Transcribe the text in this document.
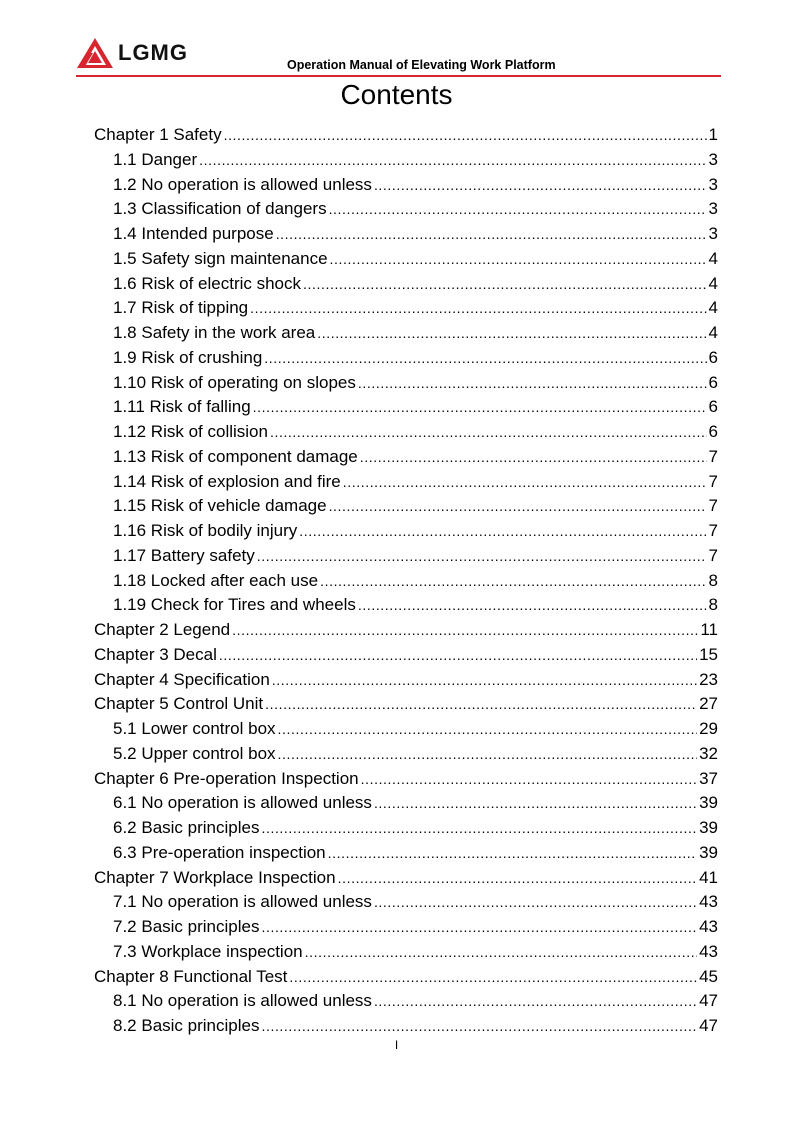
LGMG	Operation Manual of Elevating Work Platform
Contents
Chapter 1 Safety .....	1
1.1 Danger .....	3
1.2 No operation is allowed unless .....	3
1.3 Classification of dangers .....	3
1.4 Intended purpose .....	3
1.5 Safety sign maintenance .....	4
1.6 Risk of electric shock .....	4
1.7 Risk of tipping .....	4
1.8 Safety in the work area .....	4
1.9 Risk of crushing .....	6
1.10 Risk of operating on slopes .....	6
1.11 Risk of falling .....	6
1.12 Risk of collision .....	6
1.13 Risk of component damage .....	7
1.14 Risk of explosion and fire .....	7
1.15 Risk of vehicle damage .....	7
1.16 Risk of bodily injury .....	7
1.17 Battery safety .....	7
1.18 Locked after each use .....	8
1.19 Check for Tires and wheels .....	8
Chapter 2 Legend .....	11
Chapter 3 Decal .....	15
Chapter 4 Specification .....	23
Chapter 5 Control Unit .....	27
5.1 Lower control box .....	29
5.2 Upper control box .....	32
Chapter 6 Pre-operation Inspection .....	37
6.1 No operation is allowed unless .....	39
6.2 Basic principles .....	39
6.3 Pre-operation inspection .....	39
Chapter 7 Workplace Inspection .....	41
7.1 No operation is allowed unless .....	43
7.2 Basic principles .....	43
7.3 Workplace inspection .....	43
Chapter 8 Functional Test .....	45
8.1 No operation is allowed unless .....	47
8.2 Basic principles .....	47
I
